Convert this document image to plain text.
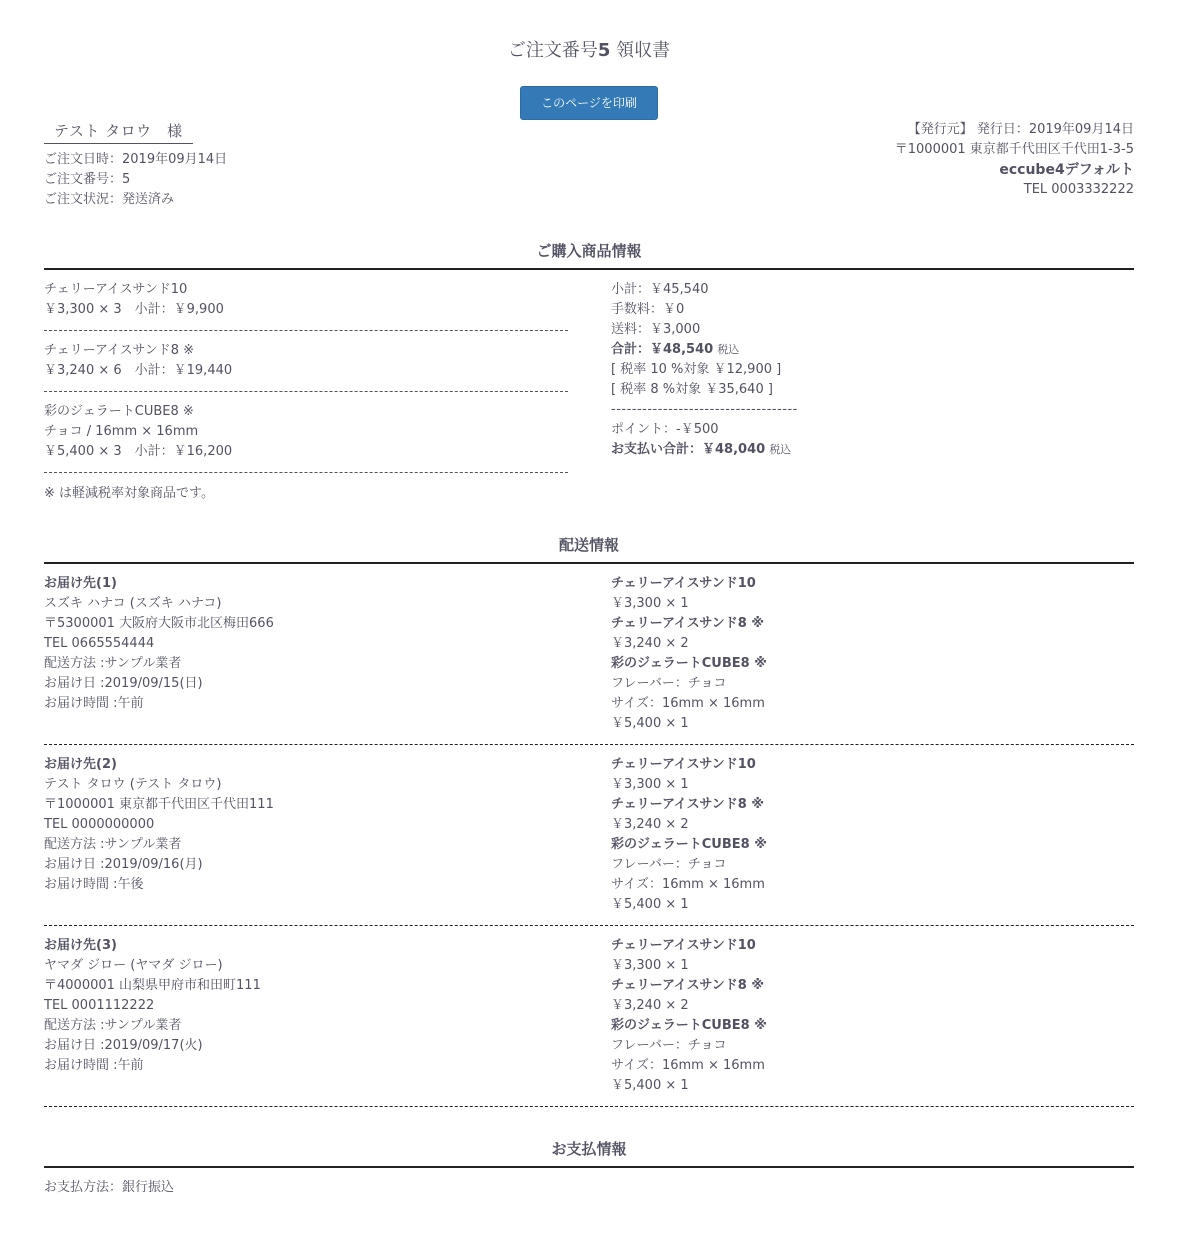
ご注文番号5 領収書
このページを印刷
テスト タロウ　様
ご注文日時：2019年09月14日
ご注文番号：5
ご注文状況：発送済み
【発行元】 発行日：2019年09月14日
〒1000001 東京都千代田区千代田1-3-5
eccube4デフォルト
TEL 0003332222
ご購入商品情報
チェリーアイスサンド10
￥3,300 × 3　小計：￥9,900
チェリーアイスサンド8 ※
￥3,240 × 6　小計：￥19,440
彩のジェラートCUBE8 ※
チョコ / 16mm × 16mm
￥5,400 × 3　小計：￥16,200
※ は軽減税率対象商品です。
小計：￥45,540
手数料：￥0
送料：￥3,000
合計：￥48,540 税込
[ 税率 10 %対象 ￥12,900 ]
[ 税率 8 %対象 ￥35,640 ]
------------------------------------
ポイント：-￥500
お支払い合計：￥48,040 税込
配送情報
お届け先(1)
スズキ ハナコ (スズキ ハナコ)
〒5300001 大阪府大阪市北区梅田666
TEL 0665554444
配送方法 :サンプル業者
お届け日 :2019/09/15(日)
お届け時間 :午前
チェリーアイスサンド10
￥3,300 × 1
チェリーアイスサンド8 ※
￥3,240 × 2
彩のジェラートCUBE8 ※
フレーバー：チョコ
サイズ：16mm × 16mm
￥5,400 × 1
お届け先(2)
テスト タロウ (テスト タロウ)
〒1000001 東京都千代田区千代田111
TEL 0000000000
配送方法 :サンプル業者
お届け日 :2019/09/16(月)
お届け時間 :午後
チェリーアイスサンド10
￥3,300 × 1
チェリーアイスサンド8 ※
￥3,240 × 2
彩のジェラートCUBE8 ※
フレーバー：チョコ
サイズ：16mm × 16mm
￥5,400 × 1
お届け先(3)
ヤマダ ジロー (ヤマダ ジロー)
〒4000001 山梨県甲府市和田町111
TEL 0001112222
配送方法 :サンプル業者
お届け日 :2019/09/17(火)
お届け時間 :午前
チェリーアイスサンド10
￥3,300 × 1
チェリーアイスサンド8 ※
￥3,240 × 2
彩のジェラートCUBE8 ※
フレーバー：チョコ
サイズ：16mm × 16mm
￥5,400 × 1
お支払情報
お支払方法：銀行振込
